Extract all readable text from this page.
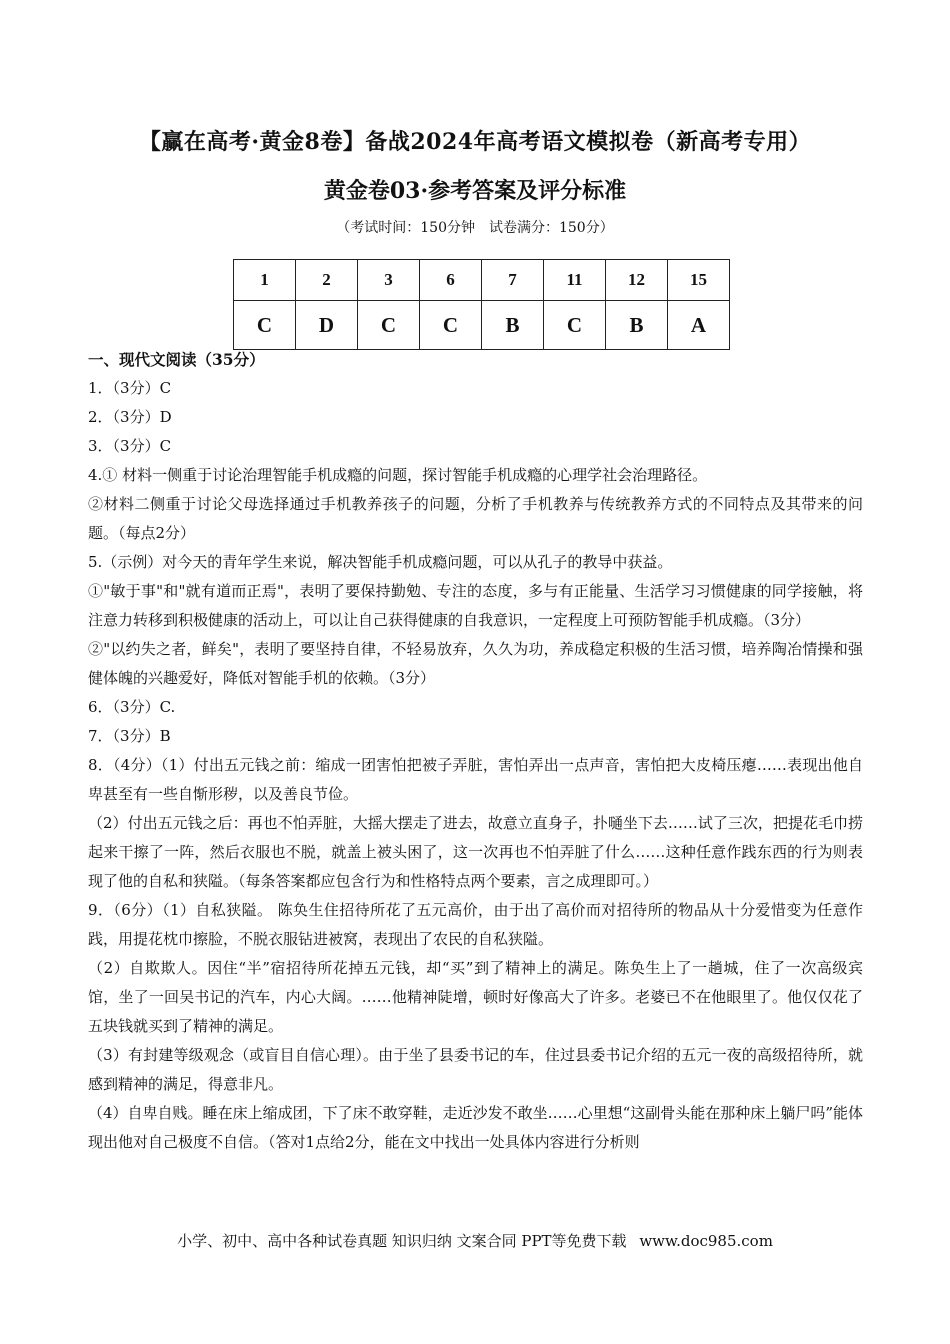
【赢在高考·黄金8卷】备战2024年高考语文模拟卷（新高考专用）
黄金卷03·参考答案及评分标准
（考试时间：150分钟　试卷满分：150分）
1	2	3	6	7	11	12	15
C	D	C	C	B	C	B	A

一、现代文阅读（35分）

1．（3分）C

2．（3分）D

3．（3分）C

4.① 材料一侧重于讨论治理智能手机成瘾的问题，探讨智能手机成瘾的心理学社会治理路径。

②材料二侧重于讨论父母选择通过手机教养孩子的问题，分析了手机教养与传统教养方式的不同特点及其带来的问题。（每点2分）

5.（示例）对今天的青年学生来说，解决智能手机成瘾问题，可以从孔子的教导中获益。

①"敏于事"和"就有道而正焉"，表明了要保持勤勉、专注的态度，多与有正能量、生活学习习惯健康的同学接触，将注意力转移到积极健康的活动上，可以让自己获得健康的自我意识，一定程度上可预防智能手机成瘾。（3分）

②"以约失之者，鲜矣"，表明了要坚持自律，不轻易放弃，久久为功，养成稳定积极的生活习惯，培养陶冶情操和强健体魄的兴趣爱好，降低对智能手机的依赖。（3分）

6．（3分）C.

7．（3分）B

8．（4分）（1）付出五元钱之前：缩成一团害怕把被子弄脏，害怕弄出一点声音，害怕把大皮椅压瘪……表现出他自卑甚至有一些自惭形秽，以及善良节俭。

（2）付出五元钱之后：再也不怕弄脏，大摇大摆走了进去，故意立直身子，扑嗵坐下去……试了三次，把提花毛巾捞起来干擦了一阵，然后衣服也不脱，就盖上被头困了，这一次再也不怕弄脏了什么……这种任意作践东西的行为则表现了他的自私和狭隘。（每条答案都应包含行为和性格特点两个要素，言之成理即可。）

9．（6分）（1）自私狭隘。 陈奂生住招待所花了五元高价，由于出了高价而对招待所的物品从十分爱惜变为任意作践，用提花枕巾擦脸，不脱衣服钻进被窝，表现出了农民的自私狭隘。

（2）自欺欺人。因住“半”宿招待所花掉五元钱，却“买”到了精神上的满足。陈奂生上了一趟城，住了一次高级宾馆，坐了一回吴书记的汽车，内心大阔。……他精神陡增，顿时好像高大了许多。老婆已不在他眼里了。他仅仅花了五块钱就买到了精神的满足。

（3）有封建等级观念（或盲目自信心理）。由于坐了县委书记的车，住过县委书记介绍的五元一夜的高级招待所，就感到精神的满足，得意非凡。

（4）自卑自贱。睡在床上缩成团，下了床不敢穿鞋，走近沙发不敢坐……心里想“这副骨头能在那种床上躺尸吗”能体现出他对自己极度不自信。（答对1点给2分，能在文中找出一处具体内容进行分析则

小学、初中、高中各种试卷真题 知识归纳 文案合同 PPT等免费下载 www.doc985.com
